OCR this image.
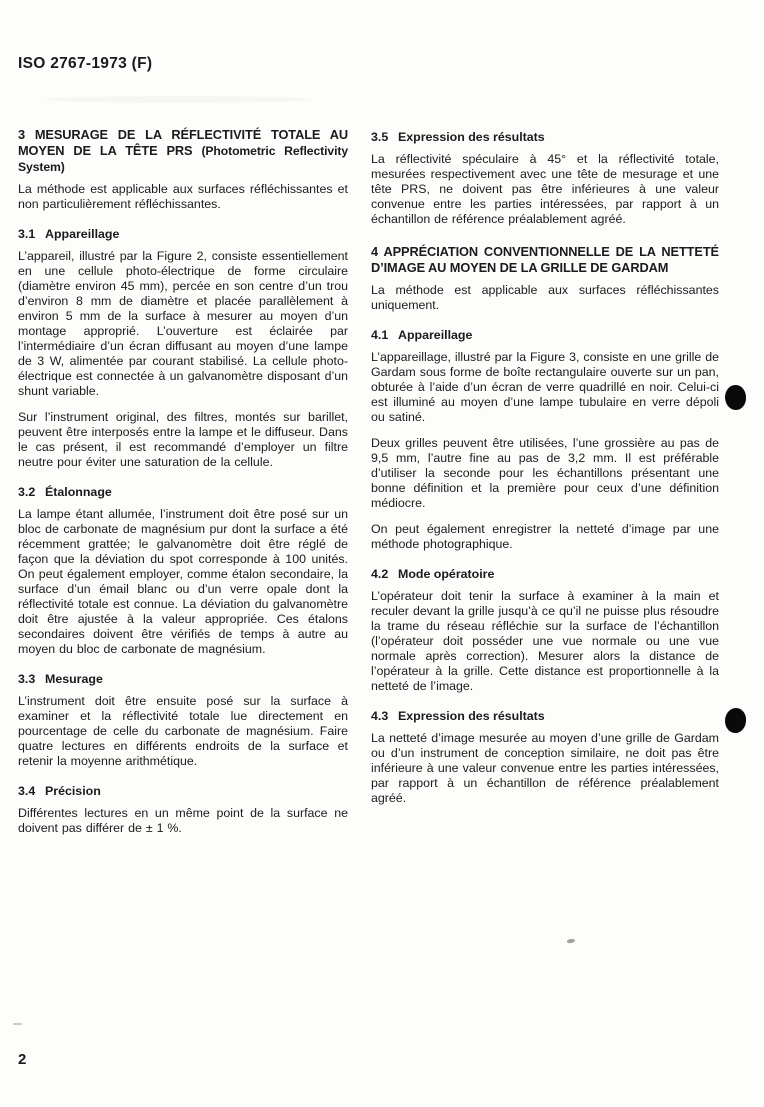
ISO 2767-1973 (F)
3 MESURAGE DE LA RÉFLECTIVITÉ TOTALE AU MOYEN DE LA TÊTE PRS (Photometric Reflectivity System)

La méthode est applicable aux surfaces réfléchissantes et non particulièrement réfléchissantes.

3.1 Appareillage

L’appareil, illustré par la Figure 2, consiste essentiellement en une cellule photo-électrique de forme circulaire (diamètre environ 45 mm), percée en son centre d’un trou d’environ 8 mm de diamètre et placée parallèlement à environ 5 mm de la surface à mesurer au moyen d’un montage approprié. L’ouverture est éclairée par l’intermédiaire d’un écran diffusant au moyen d’une lampe de 3 W, alimentée par courant stabilisé. La cellule photo-électrique est connectée à un galvanomètre disposant d’un shunt variable.

Sur l’instrument original, des filtres, montés sur barillet, peuvent être interposés entre la lampe et le diffuseur. Dans le cas présent, il est recommandé d’employer un filtre neutre pour éviter une saturation de la cellule.

3.2 Étalonnage

La lampe étant allumée, l’instrument doit être posé sur un bloc de carbonate de magnésium pur dont la surface a été récemment grattée; le galvanomètre doit être réglé de façon que la déviation du spot corresponde à 100 unités. On peut également employer, comme étalon secondaire, la surface d’un émail blanc ou d’un verre opale dont la réflectivité totale est connue. La déviation du galvanomètre doit être ajustée à la valeur appropriée. Ces étalons secondaires doivent être vérifiés de temps à autre au moyen du bloc de carbonate de magnésium.

3.3 Mesurage

L’instrument doit être ensuite posé sur la surface à examiner et la réflectivité totale lue directement en pourcentage de celle du carbonate de magnésium. Faire quatre lectures en différents endroits de la surface et retenir la moyenne arithmétique.

3.4 Précision

Différentes lectures en un même point de la surface ne doivent pas différer de ± 1 %.

3.5 Expression des résultats

La réflectivité spéculaire à 45° et la réflectivité totale, mesurées respectivement avec une tête de mesurage et une tête PRS, ne doivent pas être inférieures à une valeur convenue entre les parties intéressées, par rapport à un échantillon de référence préalablement agréé.

4 APPRÉCIATION CONVENTIONNELLE DE LA NETTETÉ D’IMAGE AU MOYEN DE LA GRILLE DE GARDAM

La méthode est applicable aux surfaces réfléchissantes uniquement.

4.1 Appareillage

L’appareillage, illustré par la Figure 3, consiste en une grille de Gardam sous forme de boîte rectangulaire ouverte sur un pan, obturée à l’aide d’un écran de verre quadrillé en noir. Celui-ci est illuminé au moyen d’une lampe tubulaire en verre dépoli ou satiné.

Deux grilles peuvent être utilisées, l’une grossière au pas de 9,5 mm, l’autre fine au pas de 3,2 mm. Il est préférable d’utiliser la seconde pour les échantillons présentant une bonne définition et la première pour ceux d’une définition médiocre.

On peut également enregistrer la netteté d’image par une méthode photographique.

4.2 Mode opératoire

L’opérateur doit tenir la surface à examiner à la main et reculer devant la grille jusqu’à ce qu’il ne puisse plus résoudre la trame du réseau réfléchie sur la surface de l’échantillon (l’opérateur doit posséder une vue normale ou une vue normale après correction). Mesurer alors la distance de l’opérateur à la grille. Cette distance est proportionnelle à la netteté de l’image.

4.3 Expression des résultats

La netteté d’image mesurée au moyen d’une grille de Gardam ou d’un instrument de conception similaire, ne doit pas être inférieure à une valeur convenue entre les parties intéressées, par rapport à un échantillon de référence préalablement agréé.

2
